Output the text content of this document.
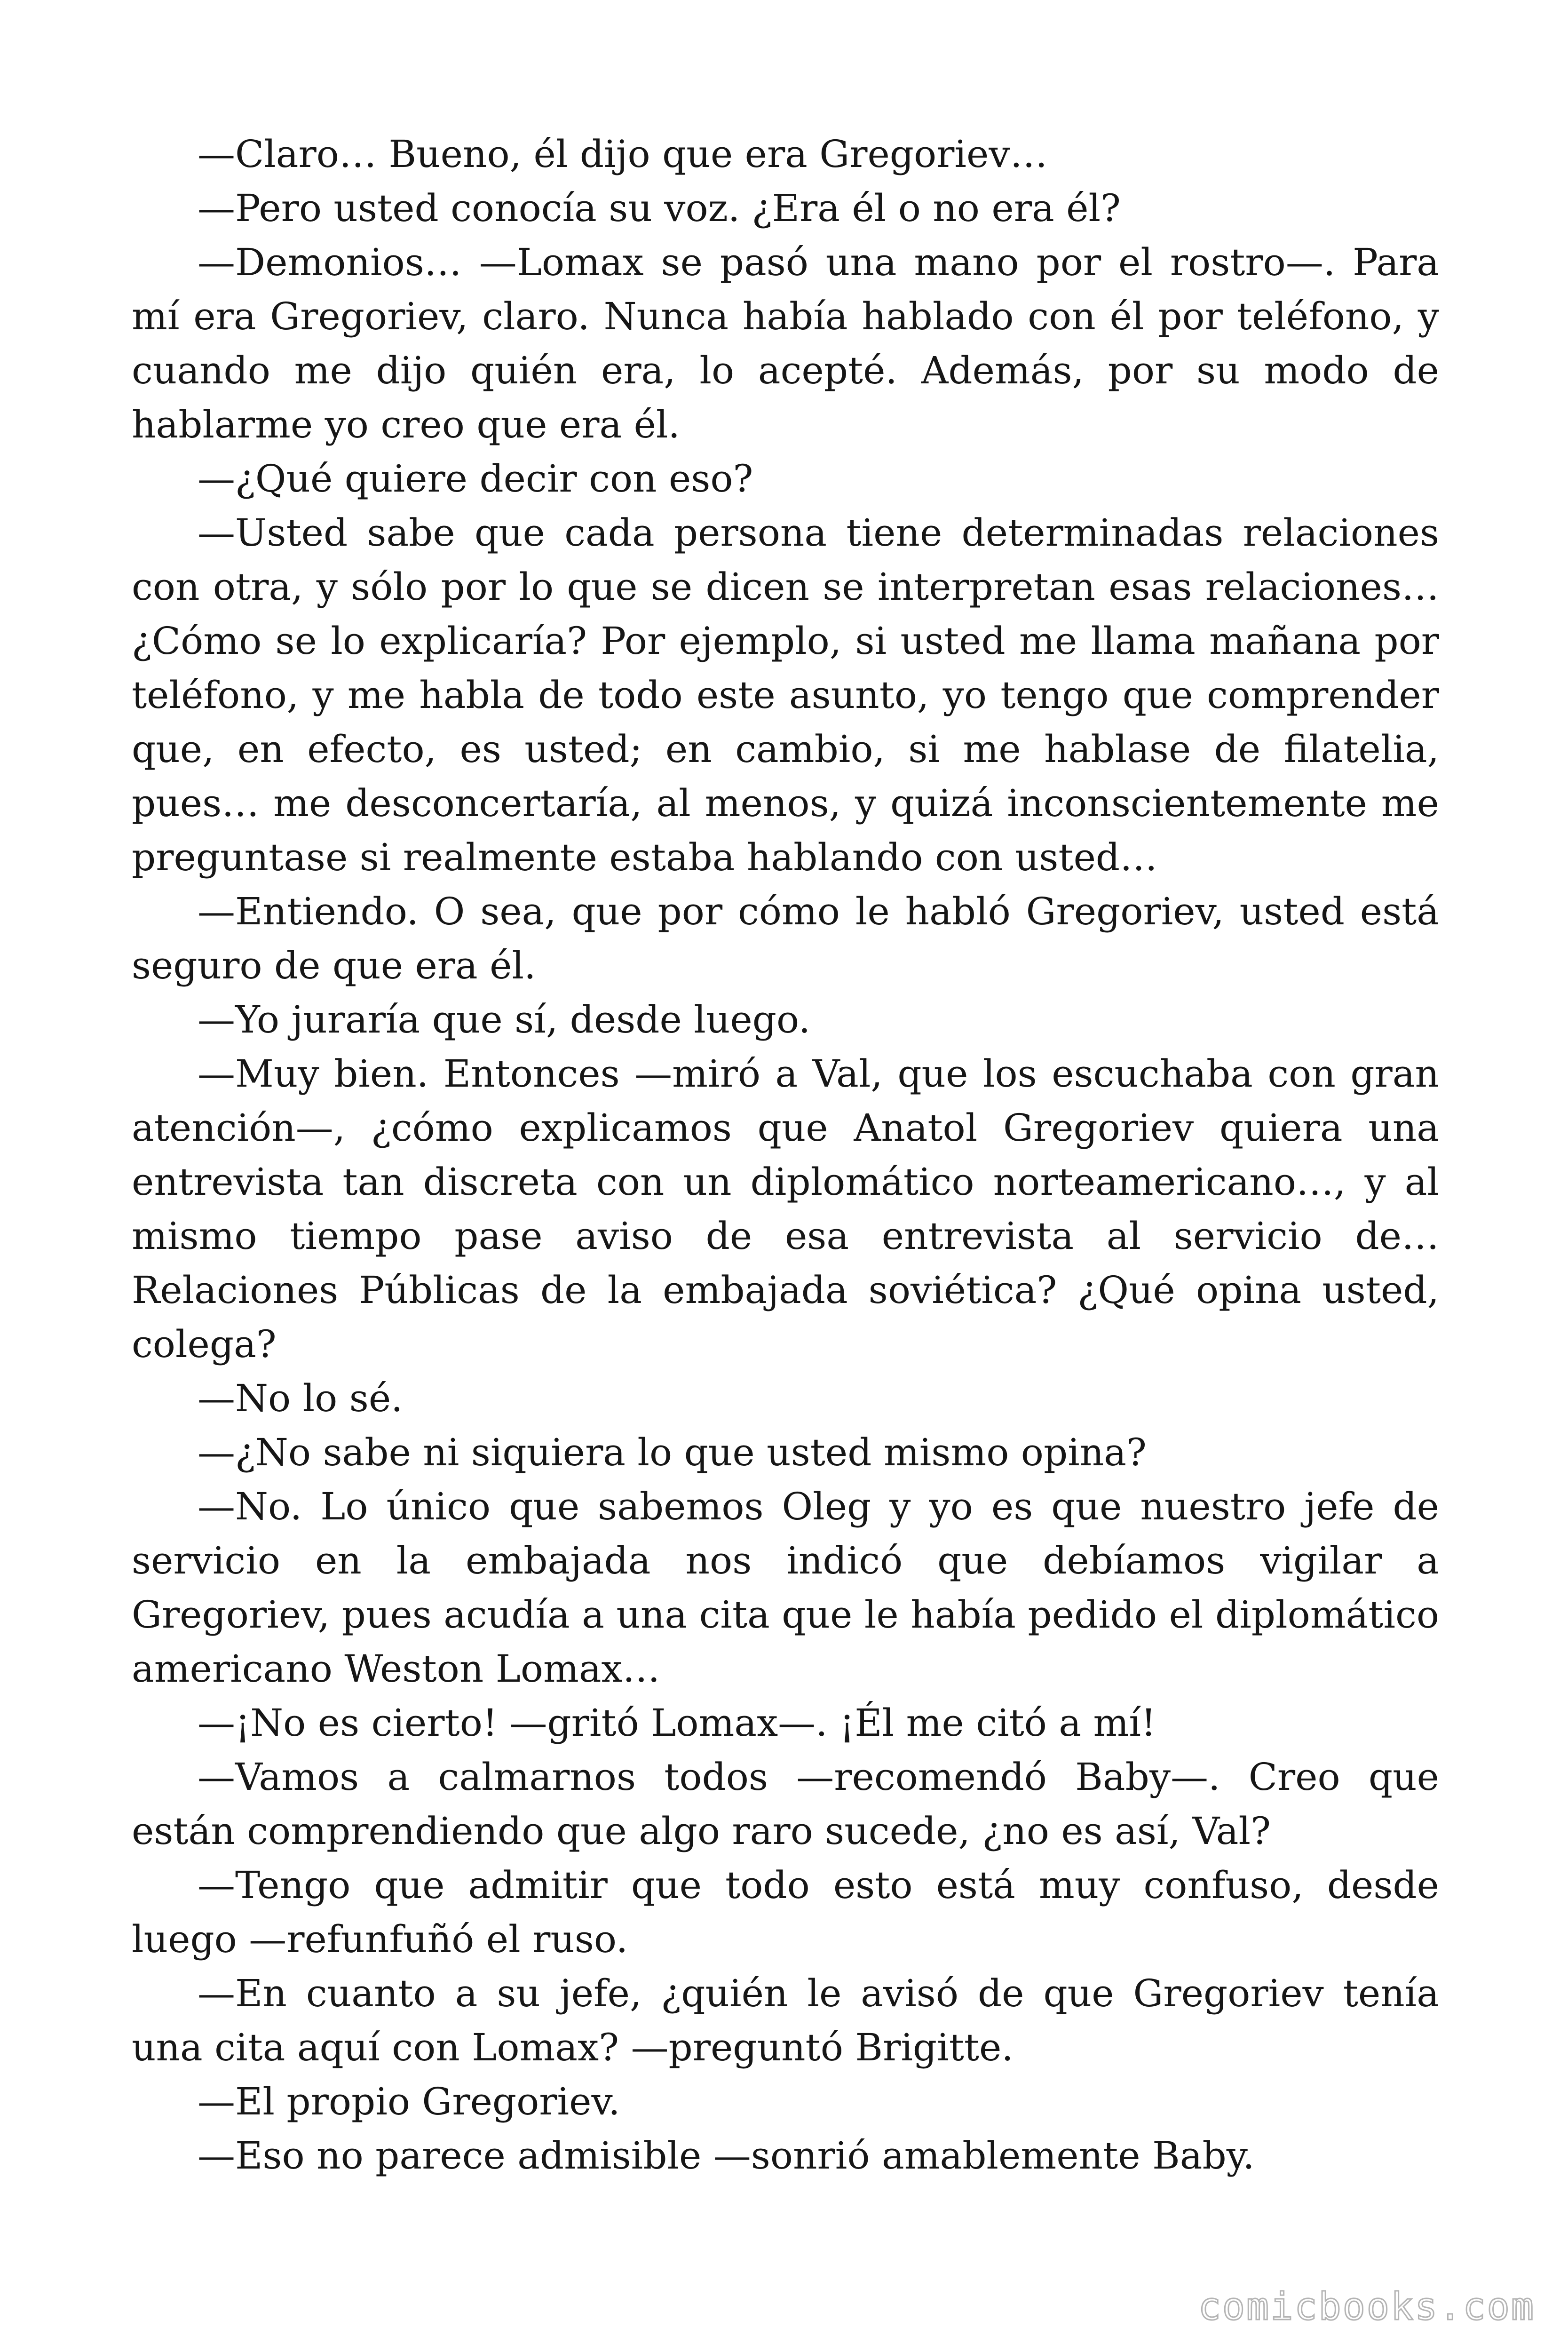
—Claro… Bueno, él dijo que era Gregoriev…

—Pero usted conocía su voz. ¿Era él o no era él?

—Demonios… —Lomax se pasó una mano por el rostro—. Para mí era Gregoriev, claro. Nunca había hablado con él por teléfono, y cuando me dijo quién era, lo acepté. Además, por su modo de hablarme yo creo que era él.

—¿Qué quiere decir con eso?

—Usted sabe que cada persona tiene determinadas relaciones con otra, y sólo por lo que se dicen se interpretan esas relaciones… ¿Cómo se lo explicaría? Por ejemplo, si usted me llama mañana por teléfono, y me habla de todo este asunto, yo tengo que comprender que, en efecto, es usted; en cambio, si me hablase de filatelia, pues… me desconcertaría, al menos, y quizá inconscientemente me preguntase si realmente estaba hablando con usted…

—Entiendo. O sea, que por cómo le habló Gregoriev, usted está seguro de que era él.

—Yo juraría que sí, desde luego.

—Muy bien. Entonces —miró a Val, que los escuchaba con gran atención—, ¿cómo explicamos que Anatol Gregoriev quiera una entrevista tan discreta con un diplomático norteamericano…, y al mismo tiempo pase aviso de esa entrevista al servicio de… Relaciones Públicas de la embajada soviética? ¿Qué opina usted, colega?

—No lo sé.

—¿No sabe ni siquiera lo que usted mismo opina?

—No. Lo único que sabemos Oleg y yo es que nuestro jefe de servicio en la embajada nos indicó que debíamos vigilar a Gregoriev, pues acudía a una cita que le había pedido el diplomático americano Weston Lomax…

—¡No es cierto! —gritó Lomax—. ¡Él me citó a mí!

—Vamos a calmarnos todos —recomendó Baby—. Creo que están comprendiendo que algo raro sucede, ¿no es así, Val?

—Tengo que admitir que todo esto está muy confuso, desde luego —refunfuñó el ruso.

—En cuanto a su jefe, ¿quién le avisó de que Gregoriev tenía una cita aquí con Lomax? —preguntó Brigitte.

—El propio Gregoriev.

—Eso no parece admisible —sonrió amablemente Baby.

comicbooks.com
